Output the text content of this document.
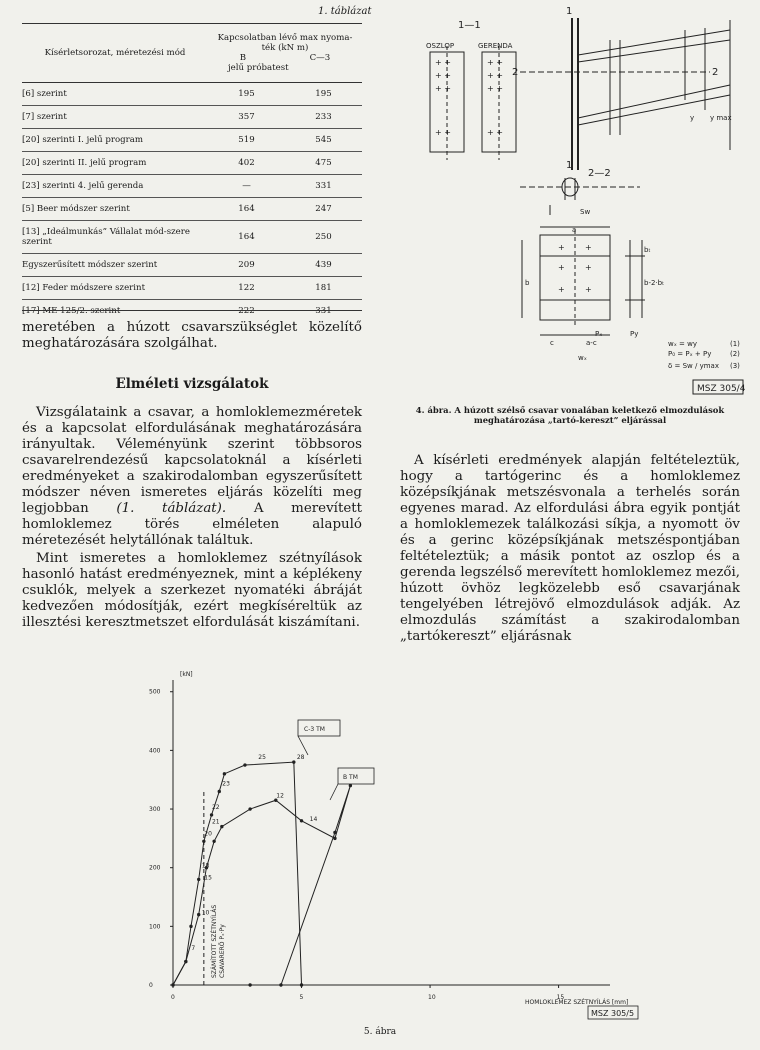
1. táblázat
Kísérletsorozat, méretezési mód	Kapcsolatban lévő max nyoma-ték (kN m)
B C—3
jelű próbatest	

[6] szerint	195	195
[7] szerint	357	233
[20] szerinti I. jelű program	519	545
[20] szerinti II. jelű program	402	475
[23] szerinti 4. jelű gerenda	—	331
[5] Beer módszer szerint	164	247
[13] „Ideálmunkás” Vállalat mód-szere szerint	164	250
Egyszerűsített módszer szerint	209	439
[12] Feder módszere szerint	122	181
[17] ME 125/2. szerint	222	331
meretében a húzott csavarszükséglet közelítő meghatározására szolgálhat.
Elméleti vizsgálatok
Vizsgálataink a csavar, a homloklemezméretek és a kapcsolat elfordulásának meghatározására irányultak. Véleményünk szerint többsoros csavarelrendezésű kapcsolatoknál a kísérleti eredményeket a szakirodalomban egyszerűsített módszer néven ismeretes eljárás közelíti meg legjobban (1. táblázat). A merevített homloklemez törés elméleten alapuló méretezését helytállónak találtuk.
Mint ismeretes a homloklemez szétnyílások hasonló hatást eredményeznek, mint a képlékeny csuklók, melyek a szerkezet nyomatéki ábráját kedvezően módosítják, ezért megkíséreltük az illesztési keresztmetszet elfordulását kiszámítani.
4. ábra. A húzott szélső csavar vonalában keletkező elmozdulások meghatározása „tartó-kereszt” eljárással
A kísérleti eredmények alapján feltételeztük, hogy a tartógerinc és a homloklemez középsíkjának metszésvonala a terhelés során egyenes marad. Az elfordulási ábra egyik pontját a homloklemezek találkozási síkja, a nyomott öv és a gerinc középsíkjának metszéspontjában feltételeztük; a másik pontot az oszlop és a gerenda legszélső merevített homloklemez mezői, húzott övhöz legközelebb eső csavarjának tengelyében létrejövő elmozdulások adják. Az elmozdulás számítást a szakirodalomban „tartókereszt” eljárásnak
+ +
+ +
+ +
+ +
+ +
+ +
+ +	+ +
+	+
+	+
+	+
1—1
2—2
1
1
2	2
OSZLOP	GERENDA
a
b
c	a-c
b-2·bₜ
bₜ
y y max
wₓ
Pₓ	Py
Sw
wₓ = wy
P₀ = Pₓ + Py
δ = Sw / ymax
(1)
(2)
(3)
MSZ 305/4
500
400
300
200
100
0
0	5	10	15
7
10
15
18
20
21
22
23
25	28
12
14
[kN]
HOMLOKLEMEZ SZÉTNYÍLÁS [mm]
SZÁMÍTOTT SZÉTNYÍLÁS CSAVARERŐ Pₓ·Py
C-3 TM
B TM
MSZ 305/5
5. ábra
